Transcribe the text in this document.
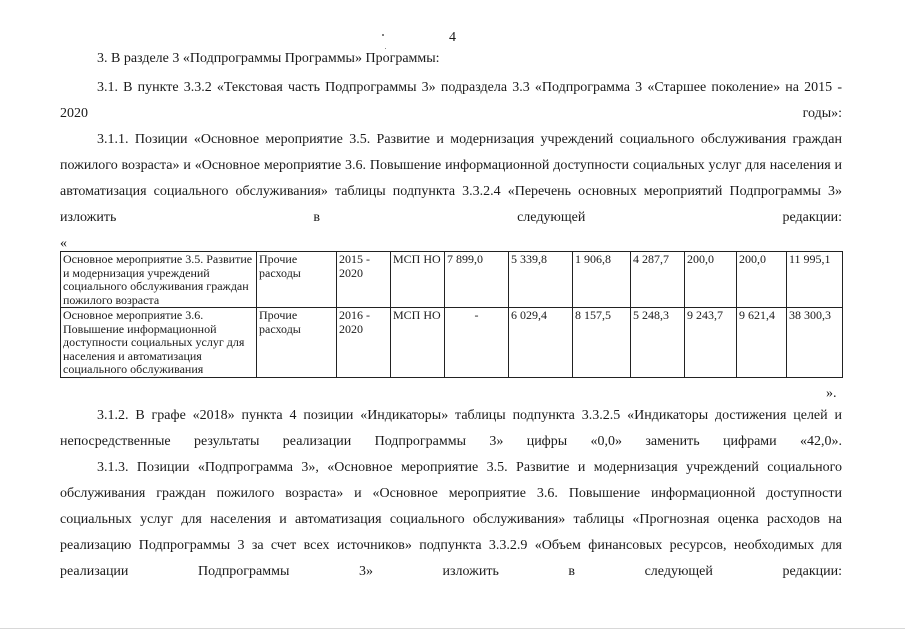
4

3. В разделе 3 «Подпрограммы Программы» Программы:

3.1. В пункте 3.3.2 «Текстовая часть Подпрограммы 3» подраздела 3.3 «Подпрограмма 3 «Старшее поколение» на 2015 - 2020 годы»:

3.1.1. Позиции «Основное мероприятие 3.5. Развитие и модернизация учреждений социального обслуживания граждан пожилого возраста» и «Основное мероприятие 3.6. Повышение информационной доступности социальных услуг для населения и автоматизация социального обслуживания» таблицы подпункта 3.3.2.4 «Перечень основных мероприятий Подпрограммы 3» изложить в следующей редакции:

«
Основное мероприятие 3.5. Развитие и модернизация учреждений социального обслуживания граждан пожилого возраста	Прочие расходы	2015 - 2020	МСП НО	7 899,0	5 339,8	1 906,8	4 287,7	200,0	200,0	11 995,1
Основное мероприятие 3.6. Повышение информационной доступности социальных услуг для населения и автоматизация социального обслуживания	Прочие расходы	2016 - 2020	МСП НО	-	6 029,4	8 157,5	5 248,3	9 243,7	9 621,4	38 300,3
».

3.1.2. В графе «2018» пункта 4 позиции «Индикаторы» таблицы подпункта 3.3.2.5 «Индикаторы достижения целей и непосредственные результаты реализации Подпрограммы 3» цифры «0,0» заменить цифрами «42,0».

3.1.3. Позиции «Подпрограмма 3», «Основное мероприятие 3.5. Развитие и модернизация учреждений социального обслуживания граждан пожилого возраста» и «Основное мероприятие 3.6. Повышение информационной доступности социальных услуг для населения и автоматизация социального обслуживания» таблицы «Прогнозная оценка расходов на реализацию Подпрограммы 3 за счет всех источников» подпункта 3.3.2.9 «Объем финансовых ресурсов, необходимых для реализации Подпрограммы 3» изложить в следующей редакции:
